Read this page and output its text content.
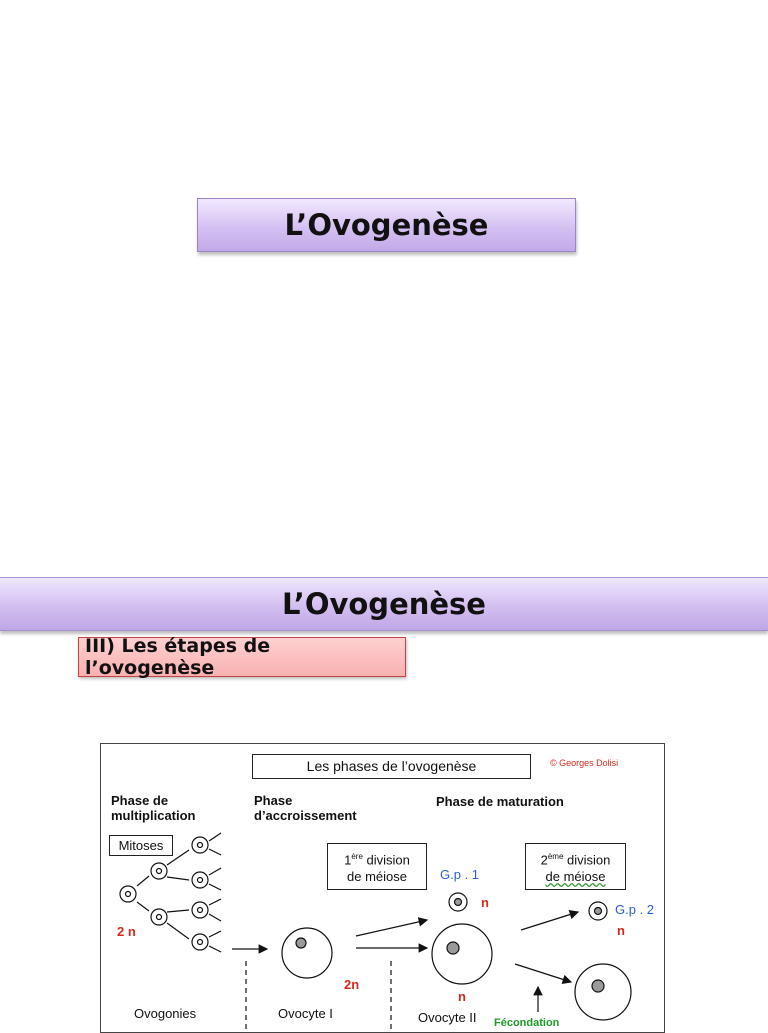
L’Ovogenèse
L’Ovogenèse
III) Les étapes de l’ovogenèse
Les phases de l’ovogenèse	© Georges Dolisi
Phase de
multiplication
Phase
d’accroissement
Phase de maturation
Mitoses
1ère division
de méiose
2ème division
de méiose
G.p . 1
G.p . 2
2 n
2n
n
n
n
Ovogonies	Ovocyte I	Ovocyte II Fécondation
